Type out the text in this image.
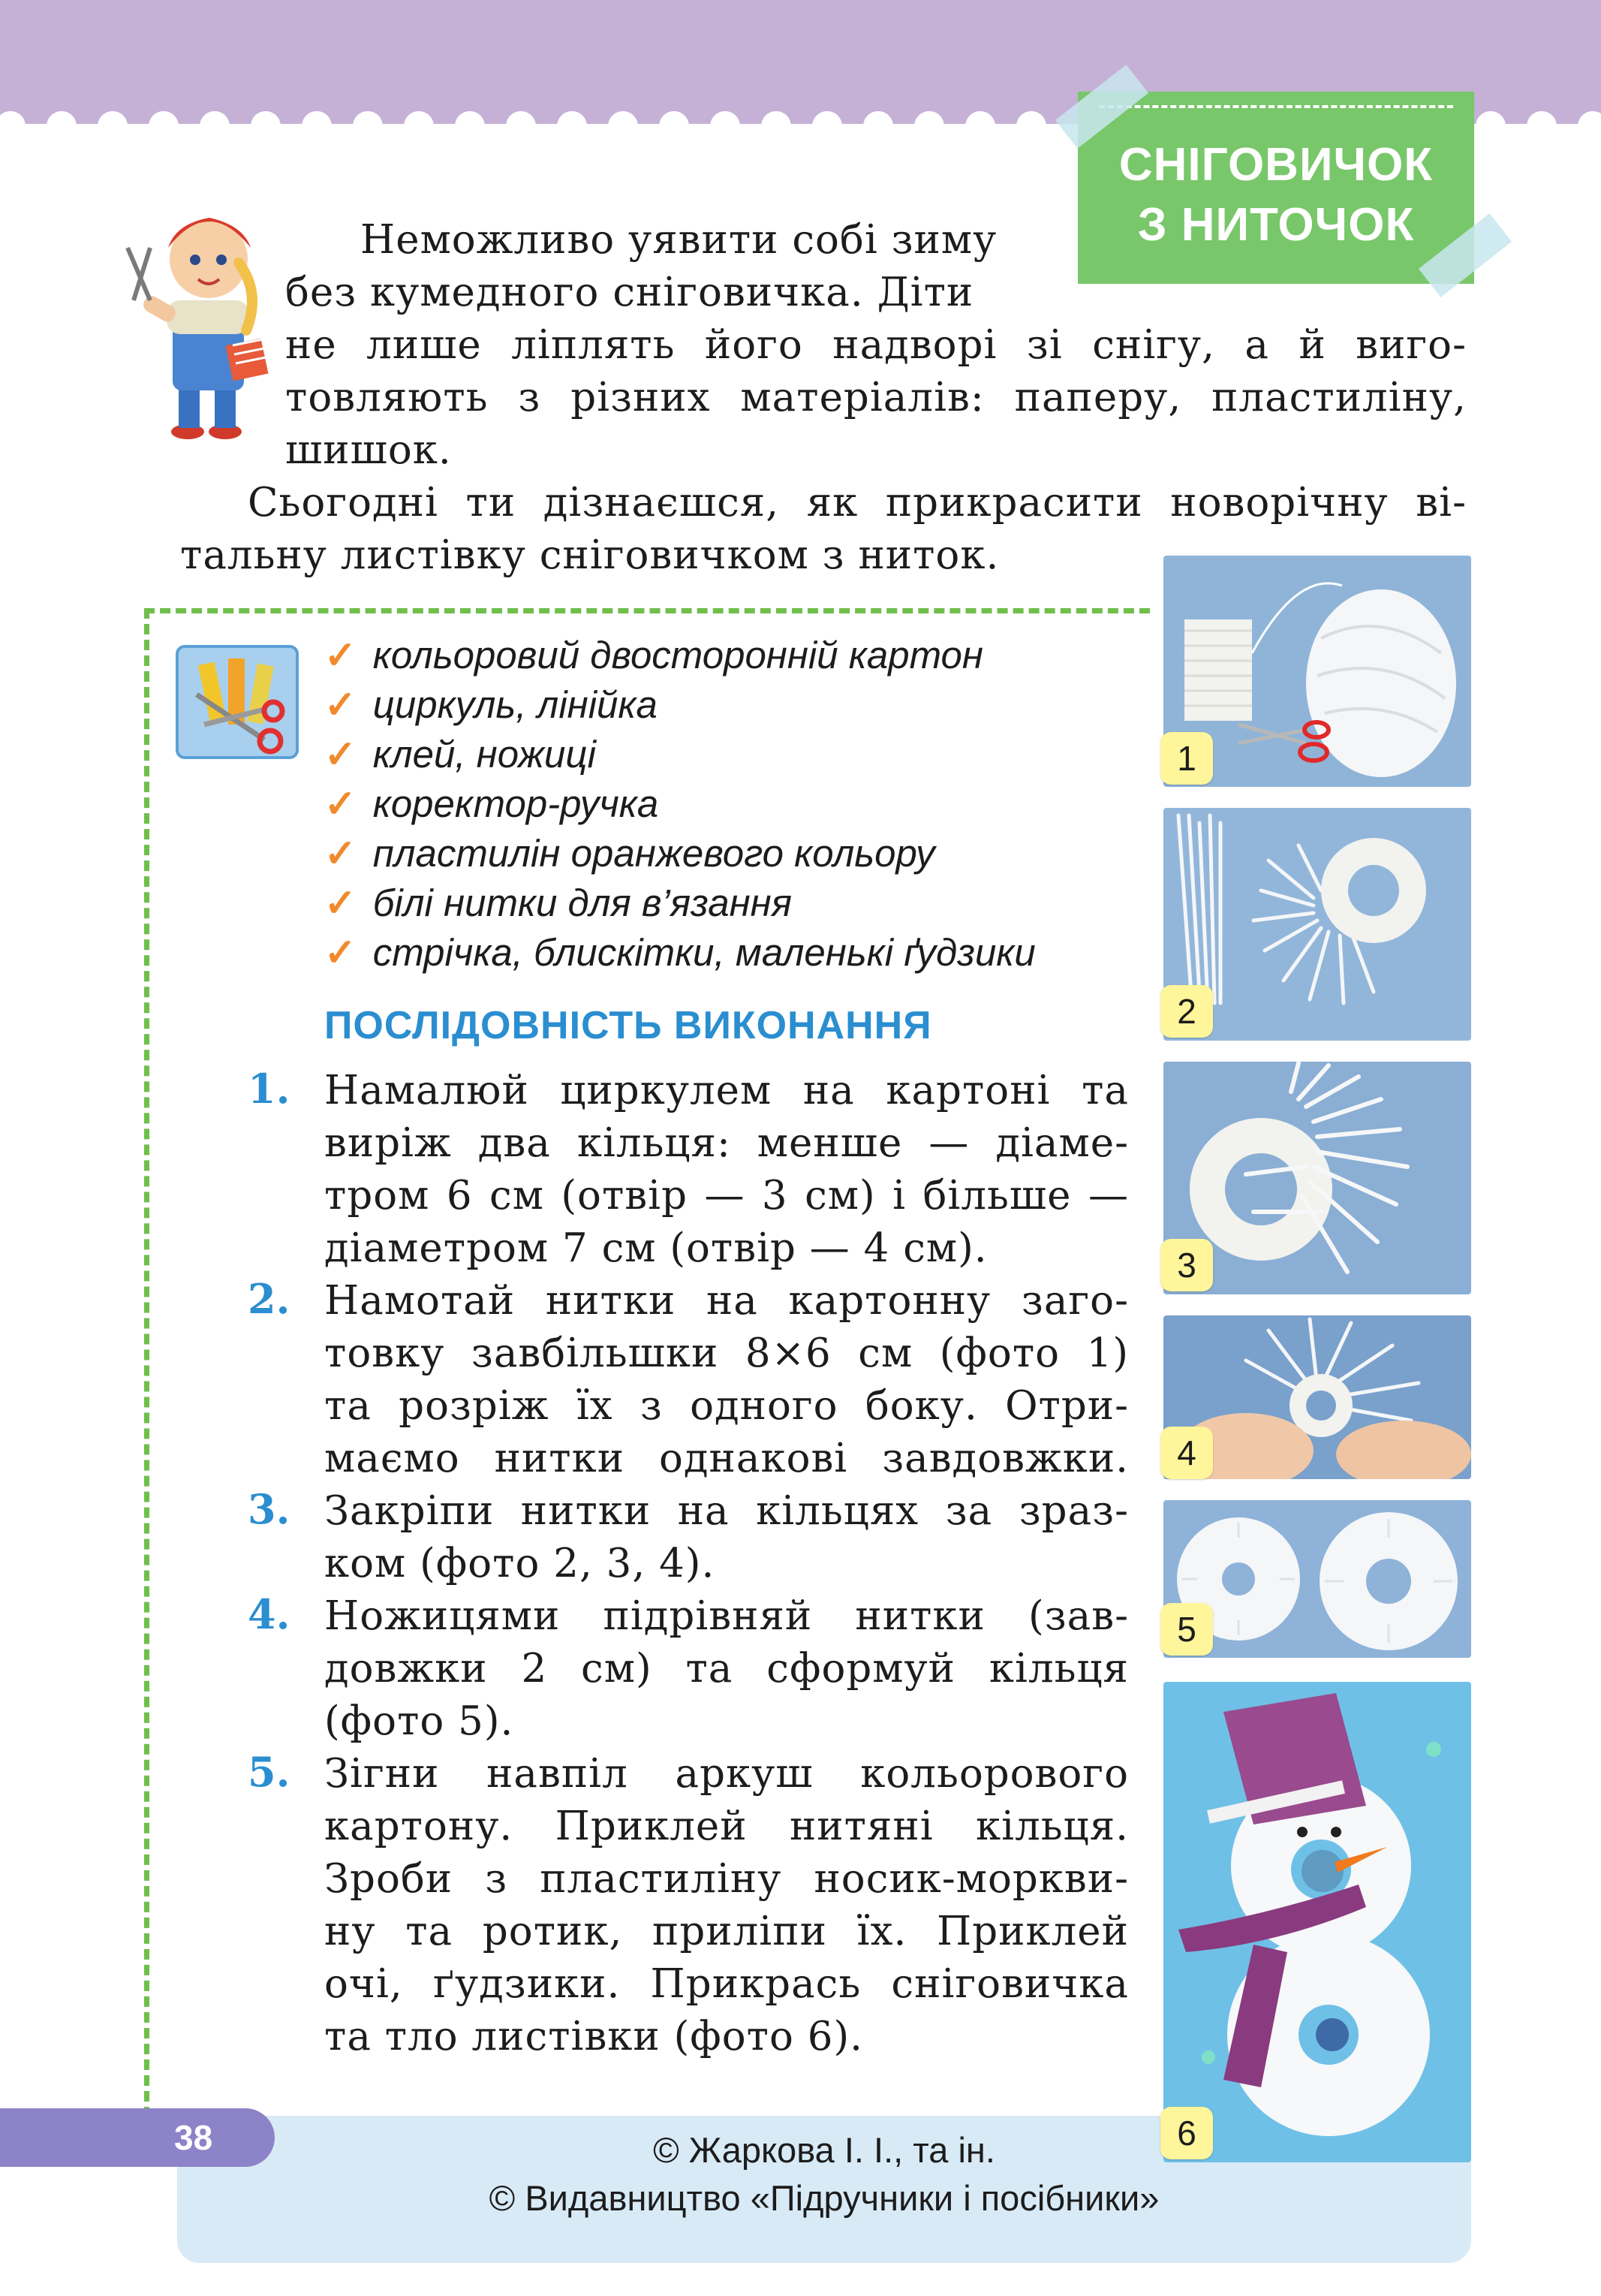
СНІГОВИЧОК
З НИТОЧОК
Неможливо уявити собі зиму
без кумедного сніговичка. Діти
не лише ліплять його надворі зі снігу, а й виго-
товляють з різних матеріалів: паперу, пластиліну,
шишок.
Сьогодні ти дізнаєшся, як прикрасити новорічну ві-
тальну листівку сніговичком з ниток.
✓ кольоровий двосторонній картон
✓ циркуль, лінійка
✓ клей, ножиці
✓ коректор-ручка
✓ пластилін оранжевого кольору
✓ білі нитки для в’язання
✓ стрічка, блискітки, маленькі ґудзики
ПОСЛІДОВНІСТЬ ВИКОНАННЯ
1. Намалюй циркулем на картоні та
виріж два кільця: менше — діаме-
тром 6 см (отвір — 3 см) і більше —
діаметром 7 см (отвір — 4 см).
2. Намотай нитки на картонну заго-
товку завбільшки 8×6 см (фото 1)
та розріж їх з одного боку. Отри-
маємо нитки однакові завдовжки.
3. Закріпи нитки на кільцях за зраз-
ком (фото 2, 3, 4).
4. Ножицями підрівняй нитки (зав-
довжки 2 см) та сформуй кільця
(фото 5).
5. Зігни навпіл аркуш кольорового
картону. Приклей нитяні кільця.
Зроби з пластиліну носик-моркви-
ну та ротик, приліпи їх. Приклей
очі, ґудзики. Прикрась сніговичка
та тло листівки (фото 6).
38	© Жаркова І. І., та ін.
© Видавництво «Підручники і посібники»
1
2
3
4
5
6
